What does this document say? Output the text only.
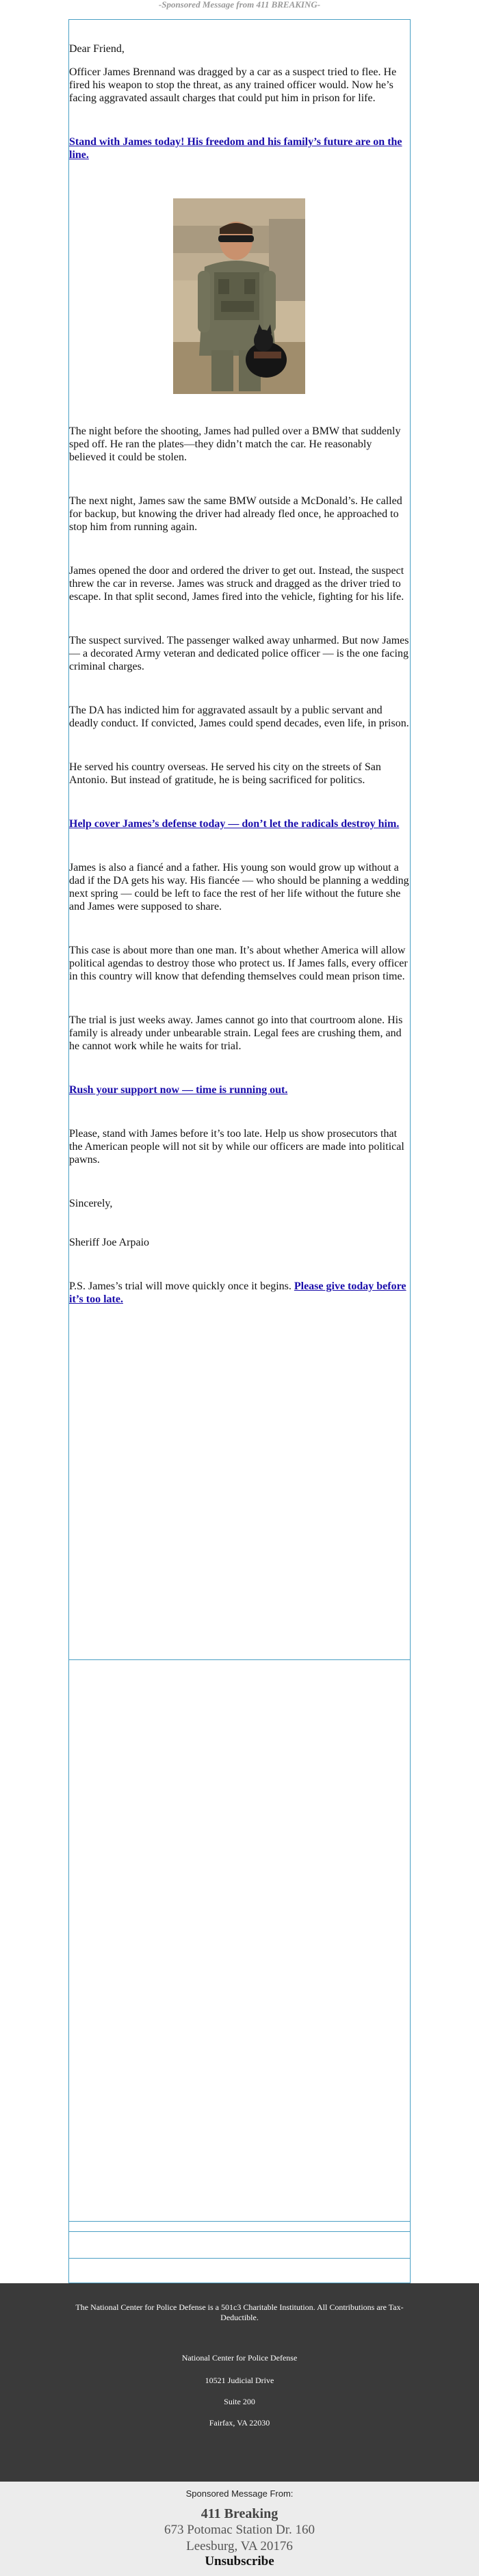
-Sponsored Message from 411 BREAKING-

Dear Friend,

Officer James Brennand was dragged by a car as a suspect tried to flee. He fired his weapon to stop the threat, as any trained officer would. Now he’s facing aggravated assault charges that could put him in prison for life.

Stand with James today! His freedom and his family’s future are on the line.

The night before the shooting, James had pulled over a BMW that suddenly sped off. He ran the plates—they didn’t match the car. He reasonably believed it could be stolen.

The next night, James saw the same BMW outside a McDonald’s. He called for backup, but knowing the driver had already fled once, he approached to stop him from running again.

James opened the door and ordered the driver to get out. Instead, the suspect threw the car in reverse. James was struck and dragged as the driver tried to escape. In that split second, James fired into the vehicle, fighting for his life.

The suspect survived. The passenger walked away unharmed. But now James — a decorated Army veteran and dedicated police officer — is the one facing criminal charges.

The DA has indicted him for aggravated assault by a public servant and deadly conduct. If convicted, James could spend decades, even life, in prison.

He served his country overseas. He served his city on the streets of San Antonio. But instead of gratitude, he is being sacrificed for politics.

Help cover James’s defense today — don’t let the radicals destroy him.

James is also a fiancé and a father. His young son would grow up without a dad if the DA gets his way. His fiancée — who should be planning a wedding next spring — could be left to face the rest of her life without the future she and James were supposed to share.

This case is about more than one man. It’s about whether America will allow political agendas to destroy those who protect us. If James falls, every officer in this country will know that defending themselves could mean prison time.

The trial is just weeks away. James cannot go into that courtroom alone. His family is already under unbearable strain. Legal fees are crushing them, and he cannot work while he waits for trial.

Rush your support now — time is running out.

Please, stand with James before it’s too late. Help us show prosecutors that the American people will not sit by while our officers are made into political pawns.

Sincerely,

Sheriff Joe Arpaio

P.S. James’s trial will move quickly once it begins. Please give today before it’s too late.

The National Center for Police Defense is a 501c3 Charitable Institution. All Contributions are Tax-Deductible.
National Center for Police Defense
10521 Judicial Drive
Suite 200
Fairfax, VA 22030
Sponsored Message From:
411 Breaking
673 Potomac Station Dr. 160
Leesburg, VA 20176
Unsubscribe
